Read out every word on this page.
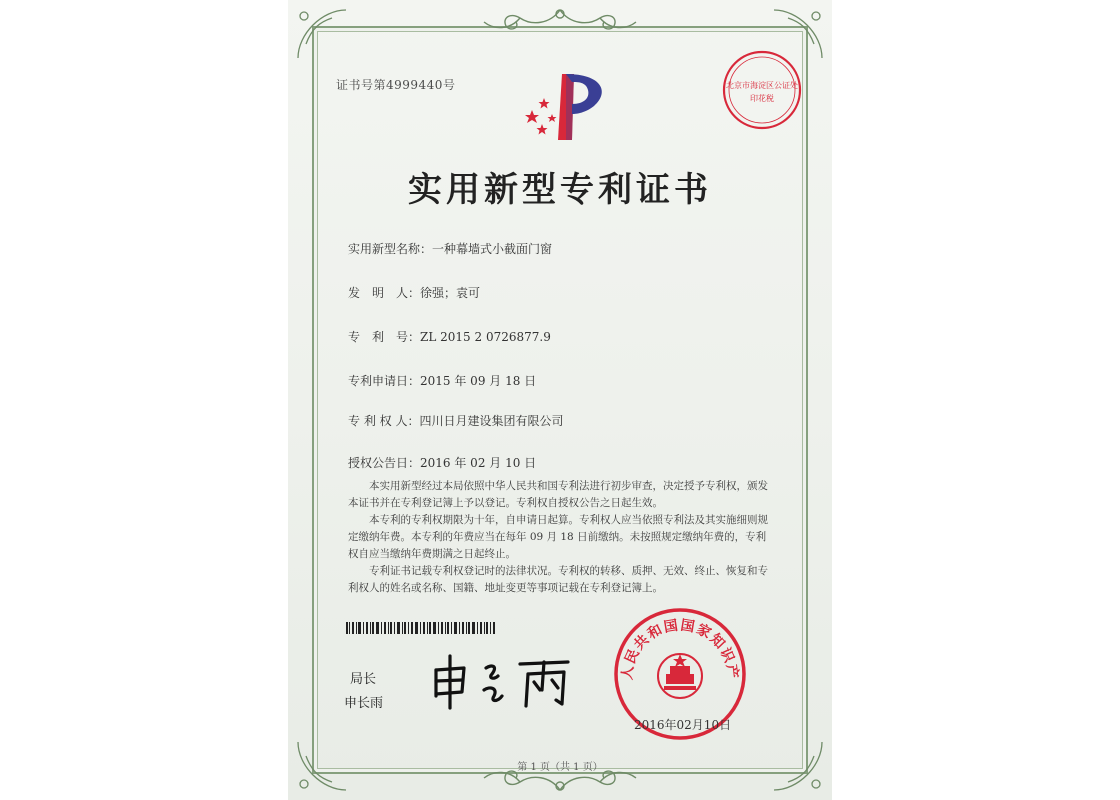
证书号第4999440号	北京市海淀区公证处
印花税
实用新型专利证书
实用新型名称：一种幕墙式小截面门窗
发　明　人：徐强；袁可
专　利　号：ZL 2015 2 0726877.9
专利申请日：2015 年 09 月 18 日
专 利 权 人：四川日月建设集团有限公司
授权公告日：2016 年 02 月 10 日

本实用新型经过本局依照中华人民共和国专利法进行初步审查，决定授予专利权，颁发本证书并在专利登记簿上予以登记。专利权自授权公告之日起生效。

本专利的专利权期限为十年，自申请日起算。专利权人应当依照专利法及其实施细则规定缴纳年费。本专利的年费应当在每年 09 月 18 日前缴纳。未按照规定缴纳年费的，专利权自应当缴纳年费期满之日起终止。

专利证书记载专利权登记时的法律状况。专利权的转移、质押、无效、终止、恢复和专利权人的姓名或名称、国籍、地址变更等事项记载在专利登记簿上。

局长
申长雨
人民共和国国家知识产
2016年02月10日
第 1 页（共 1 页）
